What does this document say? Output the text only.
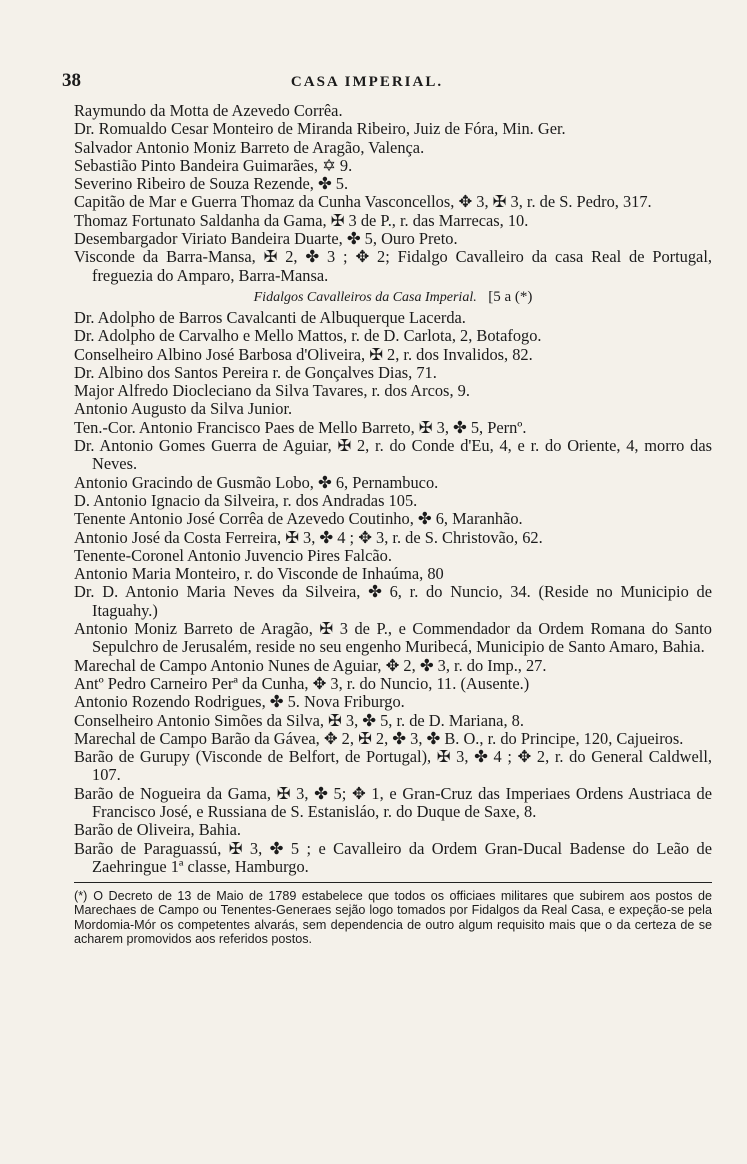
38	CASA IMPERIAL.
Raymundo da Motta de Azevedo Corrêa.
Dr. Romualdo Cesar Monteiro de Miranda Ribeiro, Juiz de Fóra, Min. Ger.
Salvador Antonio Moniz Barreto de Aragão, Valença.
Sebastião Pinto Bandeira Guimarães, ✡ 9.
Severino Ribeiro de Souza Rezende, ✤ 5.
Capitão de Mar e Guerra Thomaz da Cunha Vasconcellos, ✥ 3, ✠ 3, r. de S. Pedro, 317.
Thomaz Fortunato Saldanha da Gama, ✠ 3 de P., r. das Marrecas, 10.
Desembargador Viriato Bandeira Duarte, ✤ 5, Ouro Preto.
Visconde da Barra-Mansa, ✠ 2, ✤ 3 ; ✥ 2; Fidalgo Cavalleiro da casa Real de Portugal, freguezia do Amparo, Barra-Mansa.
Fidalgos Cavalleiros da Casa Imperial. [5 a (*)
Dr. Adolpho de Barros Cavalcanti de Albuquerque Lacerda.
Dr. Adolpho de Carvalho e Mello Mattos, r. de D. Carlota, 2, Botafogo.
Conselheiro Albino José Barbosa d'Oliveira, ✠ 2, r. dos Invalidos, 82.
Dr. Albino dos Santos Pereira r. de Gonçalves Dias, 71.
Major Alfredo Diocleciano da Silva Tavares, r. dos Arcos, 9.
Antonio Augusto da Silva Junior.
Ten.-Cor. Antonio Francisco Paes de Mello Barreto, ✠ 3, ✤ 5, Pernº.
Dr. Antonio Gomes Guerra de Aguiar, ✠ 2, r. do Conde d'Eu, 4, e r. do Oriente, 4, morro das Neves.
Antonio Gracindo de Gusmão Lobo, ✤ 6, Pernambuco.
D. Antonio Ignacio da Silveira, r. dos Andradas 105.
Tenente Antonio José Corrêa de Azevedo Coutinho, ✤ 6, Maranhão.
Antonio José da Costa Ferreira, ✠ 3, ✤ 4 ; ✥ 3, r. de S. Christovão, 62.
Tenente-Coronel Antonio Juvencio Pires Falcão.
Antonio Maria Monteiro, r. do Visconde de Inhaúma, 80
Dr. D. Antonio Maria Neves da Silveira, ✤ 6, r. do Nuncio, 34. (Reside no Municipio de Itaguahy.)
Antonio Moniz Barreto de Aragão, ✠ 3 de P., e Commendador da Ordem Romana do Santo Sepulchro de Jerusalém, reside no seu engenho Muribecá, Municipio de Santo Amaro, Bahia.
Marechal de Campo Antonio Nunes de Aguiar, ✥ 2, ✤ 3, r. do Imp., 27.
Antº Pedro Carneiro Perª da Cunha, ✥ 3, r. do Nuncio, 11. (Ausente.)
Antonio Rozendo Rodrigues, ✤ 5. Nova Friburgo.
Conselheiro Antonio Simões da Silva, ✠ 3, ✤ 5, r. de D. Mariana, 8.
Marechal de Campo Barão da Gávea, ✥ 2, ✠ 2, ✤ 3, ✤ B. O., r. do Principe, 120, Cajueiros.
Barão de Gurupy (Visconde de Belfort, de Portugal), ✠ 3, ✤ 4 ; ✥ 2, r. do General Caldwell, 107.
Barão de Nogueira da Gama, ✠ 3, ✤ 5; ✥ 1, e Gran-Cruz das Imperiaes Ordens Austriaca de Francisco José, e Russiana de S. Estanisláo, r. do Duque de Saxe, 8.
Barão de Oliveira, Bahia.
Barão de Paraguassú, ✠ 3, ✤ 5 ; e Cavalleiro da Ordem Gran-Ducal Badense do Leão de Zaehringue 1ª classe, Hamburgo.
(*) O Decreto de 13 de Maio de 1789 estabelece que todos os officiaes militares que subirem aos postos de Marechaes de Campo ou Tenentes-Generaes sejão logo tomados por Fidalgos da Real Casa, e expeção-se pela Mordomia-Mór os competentes alvarás, sem dependencia de outro algum requisito mais que o da certeza de se acharem promovidos aos referidos postos.
